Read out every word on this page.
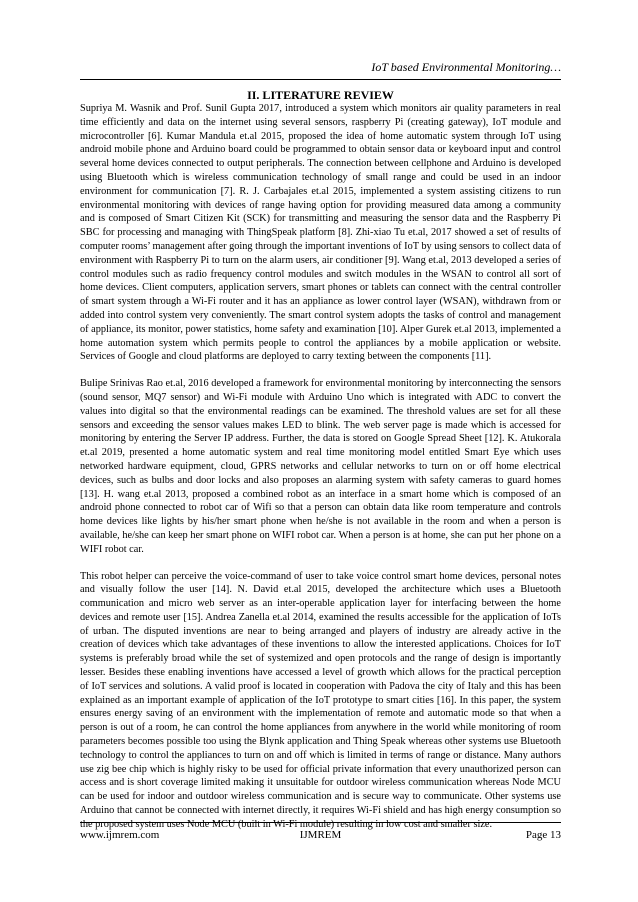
IoT based Environmental Monitoring…
II. LITERATURE REVIEW

Supriya M. Wasnik and Prof. Sunil Gupta 2017, introduced a system which monitors air quality parameters in real time efficiently and data on the internet using several sensors, raspberry Pi (creating gateway), IoT module and microcontroller [6]. Kumar Mandula et.al 2015, proposed the idea of home automatic system through IoT using android mobile phone and Arduino board could be programmed to obtain sensor data or keyboard input and control several home devices connected to output peripherals. The connection between cellphone and Arduino is developed using Bluetooth which is wireless communication technology of small range and could be used in an indoor environment for communication [7]. R. J. Carbajales et.al 2015, implemented a system assisting citizens to run environmental monitoring with devices of range having option for providing measured data among a community and is composed of Smart Citizen Kit (SCK) for transmitting and measuring the sensor data and the Raspberry Pi SBC for processing and managing with ThingSpeak platform [8]. Zhi-xiao Tu et.al, 2017 showed a set of results of computer rooms’ management after going through the important inventions of IoT by using sensors to collect data of environment with Raspberry Pi to turn on the alarm users, air conditioner [9]. Wang et.al, 2013 developed a series of control modules such as radio frequency control modules and switch modules in the WSAN to control all sort of home devices. Client computers, application servers, smart phones or tablets can connect with the central controller of smart system through a Wi-Fi router and it has an appliance as lower control layer (WSAN), withdrawn from or added into control system very conveniently. The smart control system adopts the tasks of control and management of appliance, its monitor, power statistics, home safety and examination [10]. Alper Gurek et.al 2013, implemented a home automation system which permits people to control the appliances by a mobile application or website. Services of Google and cloud platforms are deployed to carry texting between the components [11].

Bulipe Srinivas Rao et.al, 2016 developed a framework for environmental monitoring by interconnecting the sensors (sound sensor, MQ7 sensor) and Wi-Fi module with Arduino Uno which is integrated with ADC to convert the values into digital so that the environmental readings can be examined. The threshold values are set for all these sensors and exceeding the sensor values makes LED to blink. The web server page is made which is accessed for monitoring by entering the Server IP address. Further, the data is stored on Google Spread Sheet [12]. K. Atukorala et.al 2019, presented a home automatic system and real time monitoring model entitled Smart Eye which uses networked hardware equipment, cloud, GPRS networks and cellular networks to turn on or off home electrical devices, such as bulbs and door locks and also proposes an alarming system with safety cameras to guard homes [13]. H. wang et.al 2013, proposed a combined robot as an interface in a smart home which is composed of an android phone connected to robot car of Wifi so that a person can obtain data like room temperature and controls home devices like lights by his/her smart phone when he/she is not available in the room and when a person is available, he/she can keep her smart phone on WIFI robot car. When a person is at home, she can put her phone on a WIFI robot car.

This robot helper can perceive the voice-command of user to take voice control smart home devices, personal notes and visually follow the user [14]. N. David et.al 2015, developed the architecture which uses a Bluetooth communication and micro web server as an inter-operable application layer for interfacing between the home devices and remote user [15]. Andrea Zanella et.al 2014, examined the results accessible for the application of IoTs of urban. The disputed inventions are near to being arranged and players of industry are already active in the creation of devices which take advantages of these inventions to allow the interested applications. Choices for IoT systems is preferably broad while the set of systemized and open protocols and the range of design is importantly lesser. Besides these enabling inventions have accessed a level of growth which allows for the practical perception of IoT services and solutions. A valid proof is located in cooperation with Padova the city of Italy and this has been explained as an important example of application of the IoT prototype to smart cities [16]. In this paper, the system ensures energy saving of an environment with the implementation of remote and automatic mode so that when a person is out of a room, he can control the home appliances from anywhere in the world while monitoring of room parameters becomes possible too using the Blynk application and Thing Speak whereas other systems use Bluetooth technology to control the appliances to turn on and off which is limited in terms of range or distance. Many authors use zig bee chip which is highly risky to be used for official private information that every unauthorized person can access and is short coverage limited making it unsuitable for outdoor wireless communication whereas Node MCU can be used for indoor and outdoor wireless communication and is secure way to communicate. Other systems use Arduino that cannot be connected with internet directly, it requires Wi-Fi shield and has high energy consumption so the proposed system uses Node MCU (built in Wi-Fi module) resulting in low cost and smaller size.

www.ijmrem.com	IJMREM	Page 13
